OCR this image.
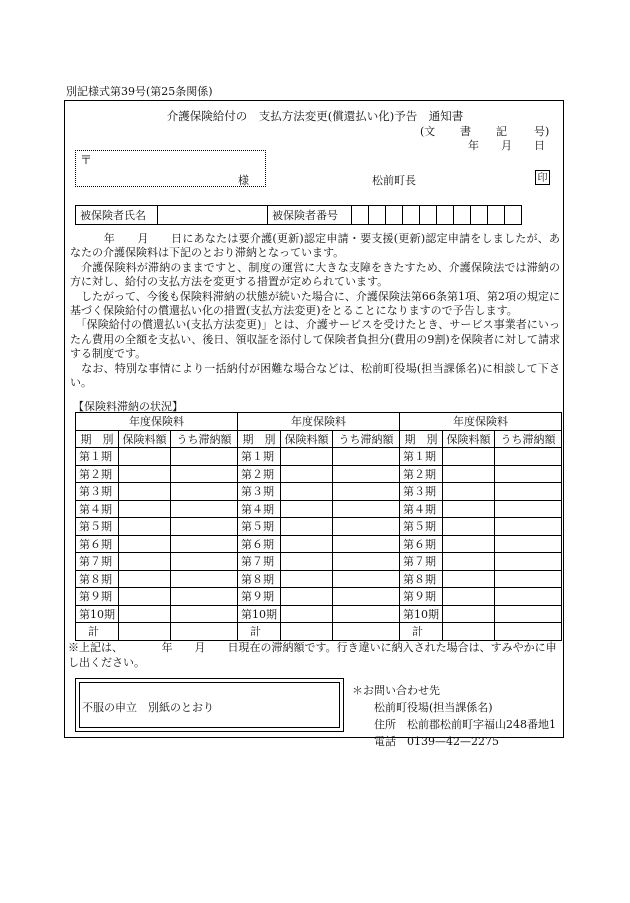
別記様式第39号(第25条関係)
介護保険給付の　支払方法変更(償還払い化)予告　通知書
(文 書 記 号)
年　　月　　日
〒
様	松前町長	印
被保険者氏名		被保険者番号										

　　　年　　月　　日にあなたは要介護(更新)認定申請・要支援(更新)認定申請をしましたが、あなたの介護保険料は下記のとおり滞納となっています。

　介護保険料が滞納のままですと、制度の運営に大きな支障をきたすため、介護保険法では滞納の方に対し、給付の支払方法を変更する措置が定められています。

　したがって、今後も保険料滞納の状態が続いた場合に、介護保険法第66条第1項、第2項の規定に基づく保険給付の償還払い化の措置(支払方法変更)をとることになりますので予告します。

　「保険給付の償還払い(支払方法変更)」とは、介護サービスを受けたとき、サービス事業者にいったん費用の全額を支払い、後日、領収証を添付して保険者負担分(費用の9割)を保険者に対して請求する制度です。

　なお、特別な事情により一括納付が困難な場合などは、松前町役場(担当課係名)に相談して下さい。

【保険料滞納の状況】
年度保険料			年度保険料			年度保険料		
期　別	保険料額	うち滞納額	期　別	保険料額	うち滞納額	期　別	保険料額	うち滞納額
第１期			第１期			第１期		
第２期			第２期			第２期		
第３期			第３期			第３期		
第４期			第４期			第４期		
第５期			第５期			第５期		
第６期			第６期			第６期		
第７期			第７期			第７期		
第８期			第８期			第８期		
第９期			第９期			第９期		
第10期			第10期			第10期		
計			計			計		
※上記は、　　　　年　　月　　日現在の滞納額です。行き違いに納入された場合は、すみやかに申し出ください。
不服の申立　別紙のとおり
＊お問い合わせ先
松前町役場(担当課係名)
住所　松前郡松前町字福山248番地1
電話　0139—42—2275
